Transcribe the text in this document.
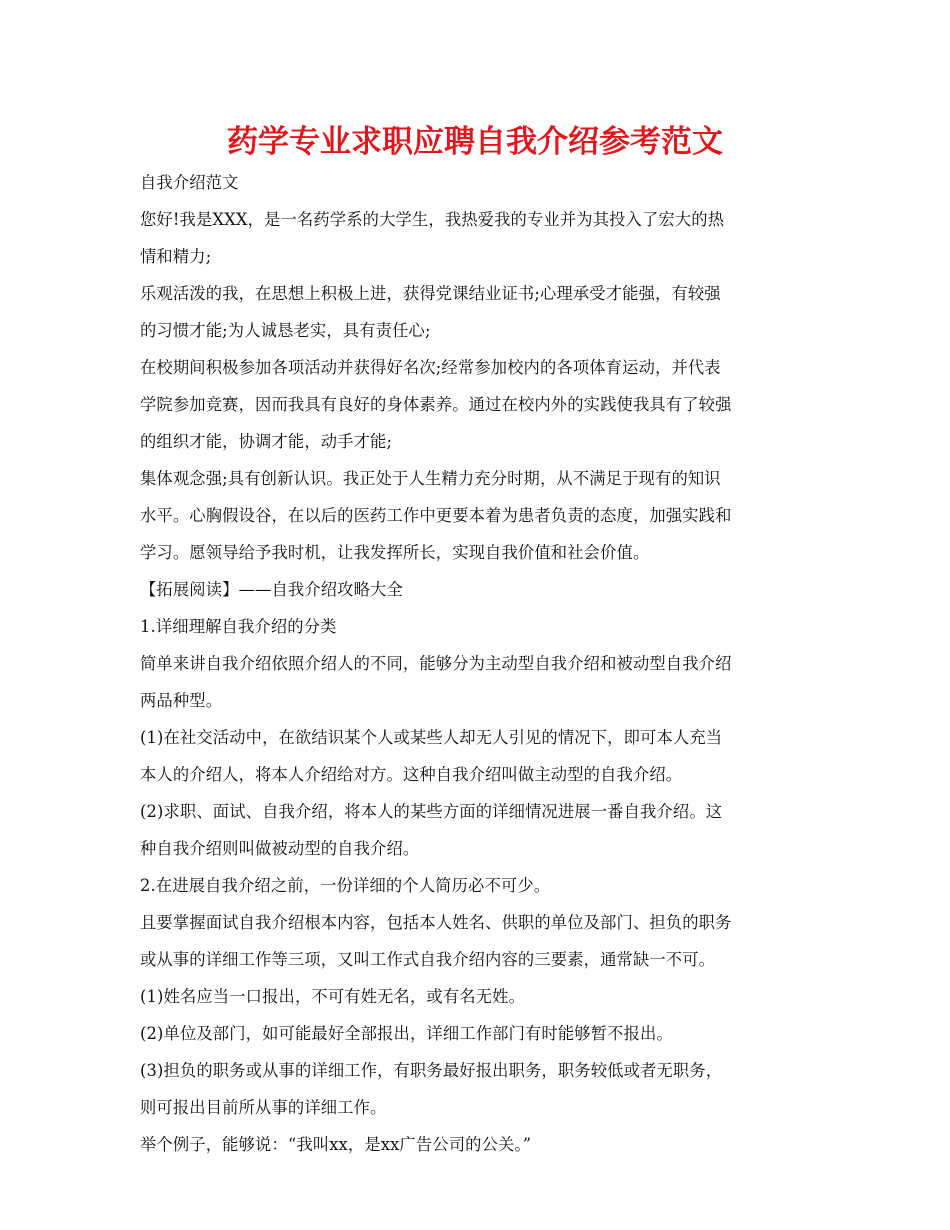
药学专业求职应聘自我介绍参考范文
自我介绍范文
您好!我是XXX，是一名药学系的大学生，我热爱我的专业并为其投入了宏大的热
情和精力;
乐观活泼的我，在思想上积极上进，获得党课结业证书;心理承受才能强，有较强
的习惯才能;为人诚恳老实，具有责任心;
在校期间积极参加各项活动并获得好名次;经常参加校内的各项体育运动，并代表
学院参加竞赛，因而我具有良好的身体素养。通过在校内外的实践使我具有了较强
的组织才能，协调才能，动手才能;
集体观念强;具有创新认识。我正处于人生精力充分时期，从不满足于现有的知识
水平。心胸假设谷，在以后的医药工作中更要本着为患者负责的态度，加强实践和
学习。愿领导给予我时机，让我发挥所长，实现自我价值和社会价值。
【拓展阅读】——自我介绍攻略大全
1.详细理解自我介绍的分类
简单来讲自我介绍依照介绍人的不同，能够分为主动型自我介绍和被动型自我介绍
两品种型。
(1)在社交活动中，在欲结识某个人或某些人却无人引见的情况下，即可本人充当
本人的介绍人，将本人介绍给对方。这种自我介绍叫做主动型的自我介绍。
(2)求职、面试、自我介绍，将本人的某些方面的详细情况进展一番自我介绍。这
种自我介绍则叫做被动型的自我介绍。
2.在进展自我介绍之前，一份详细的个人简历必不可少。
且要掌握面试自我介绍根本内容，包括本人姓名、供职的单位及部门、担负的职务
或从事的详细工作等三项，又叫工作式自我介绍内容的三要素，通常缺一不可。
(1)姓名应当一口报出，不可有姓无名，或有名无姓。
(2)单位及部门，如可能最好全部报出，详细工作部门有时能够暂不报出。
(3)担负的职务或从事的详细工作，有职务最好报出职务，职务较低或者无职务，
则可报出目前所从事的详细工作。
举个例子，能够说：“我叫xx，是xx广告公司的公关。”
